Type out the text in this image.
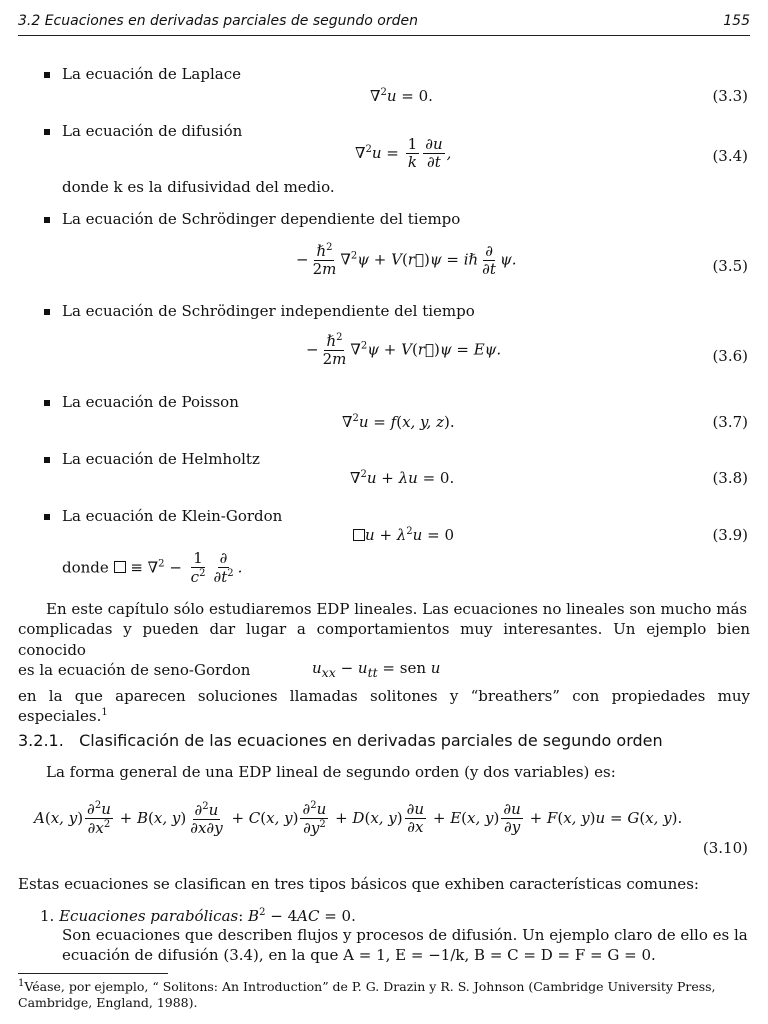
3.2 Ecuaciones en derivadas parciales de segundo orden	155
La ecuación de Laplace
∇$^2$u = 0.	(3.3)
La ecuación de difusión
$\nabla^2u = \frac{1}{k} \frac{\partial u}{\partial t}$ ,	(3.4)
donde k es la difusividad del medio.
La ecuación de Schrödinger dependiente del tiempo
− $\frac{\hbar^2}{2m} \nabla^2\psi$ + V(r⃗)ψ = iℏ $\frac{\partial}{\partial t} \psi$.	(3.5)
La ecuación de Schrödinger independiente del tiempo
− $\frac{\hbar^2}{2m} \nabla^2\psi$ + V(r⃗)ψ = Eψ.	(3.6)
La ecuación de Poisson
∇$^2$u = f(x, y, z).	(3.7)
La ecuación de Helmholtz
∇$^2$u + λu = 0.	(3.8)
La ecuación de Klein-Gordon
$u + \lambda^2u = 0$	(3.9)
donde  ≡ $\nabla^2 - \frac{1}{c^2} \frac{\partial}{\partial t^2}$ .
En este capítulo sólo estudiaremos EDP lineales. Las ecuaciones no lineales son mucho más
complicadas y pueden dar lugar a comportamientos muy interesantes. Un ejemplo bien conocido
es la ecuación de seno-Gordon	$u_{xx} - u_{tt}$ = sen u
en la que aparecen soluciones llamadas solitones y “breathers” con propiedades muy especiales.$^1$
3.2.1. Clasificación de las ecuaciones en derivadas parciales de segundo orden
La forma general de una EDP lineal de segundo orden (y dos variables) es:
A(x, $y) \frac{\partial^2u}{\partial x^2} + B(x$, $y) \frac{\partial^2u}{\partial x\partial y} + C(x$, $y) \frac{\partial^2u}{\partial y^2} + D(x$, $y) \frac{\partial u}{\partial x} + E(x$, $y) \frac{\partial u}{\partial y} + F(x$, y)u = G(x, y).
(3.10)
Estas ecuaciones se clasifican en tres tipos básicos que exhiben características comunes:
1. Ecuaciones parabólicas: $B^2 - 4AC = 0$.
Son ecuaciones que describen flujos y procesos de difusión. Un ejemplo claro de ello es la
ecuación de difusión (3.4), en la que A = 1, E = −1/k, B = C = D = F = G = 0.
$^1$Véase, por ejemplo, “ Solitons: An Introduction” de P. G. Drazin y R. S. Johnson (Cambridge University Press,
Cambridge, England, 1988).
